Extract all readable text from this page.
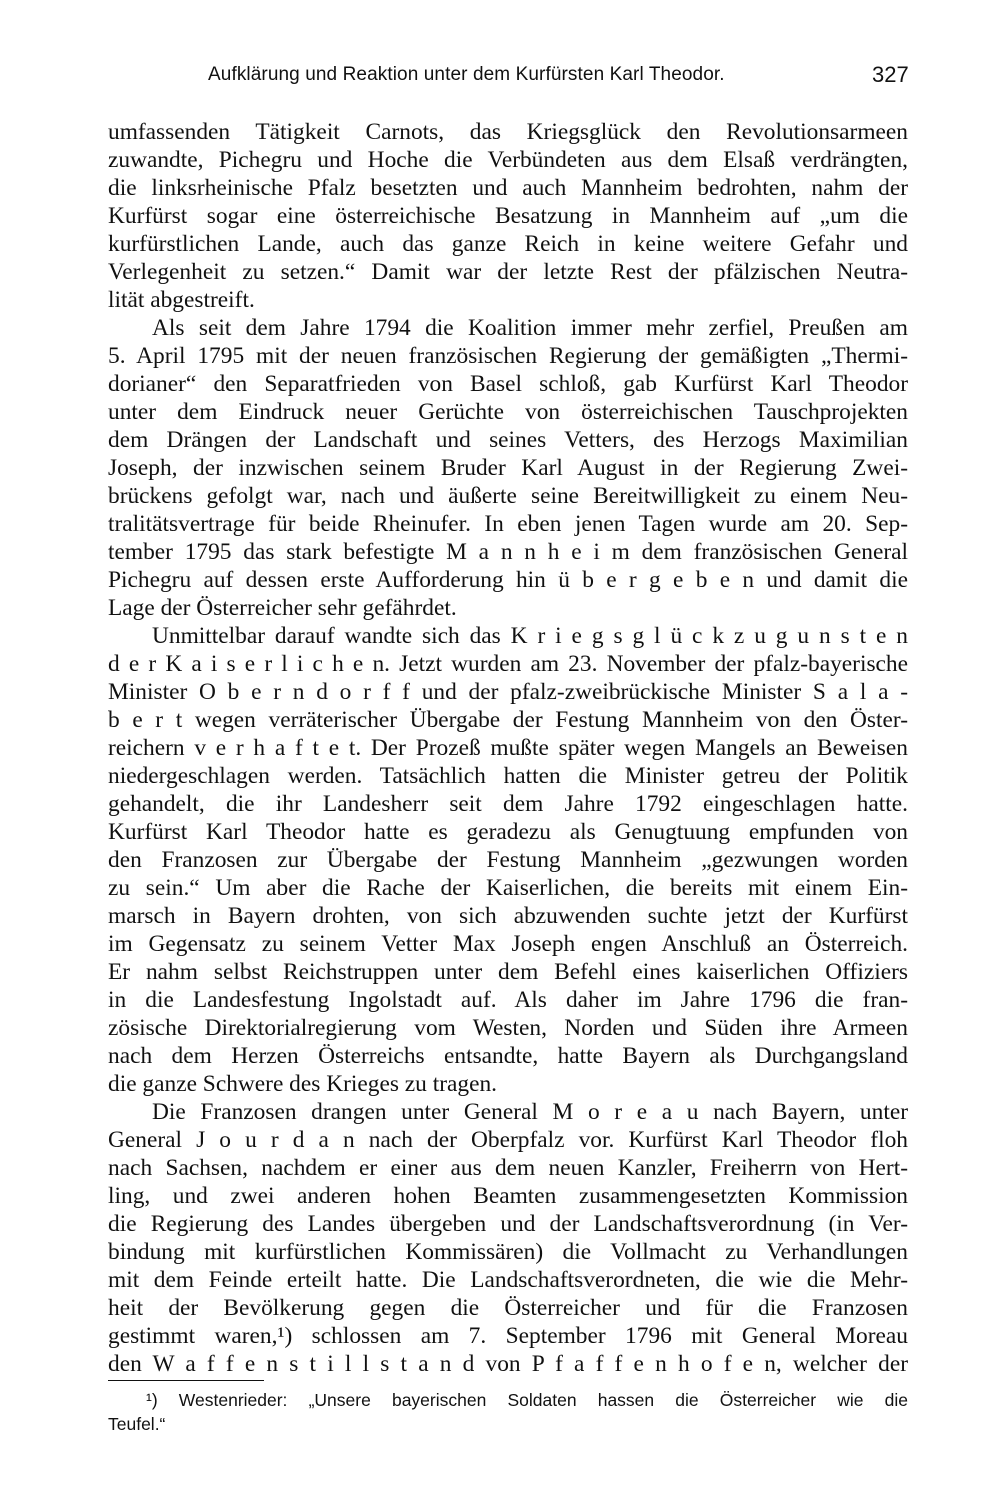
Aufklärung und Reaktion unter dem Kurfürsten Karl Theodor.	327
umfassenden Tätigkeit Carnots, das Kriegsglück den Revolutionsarmeen
zuwandte, Pichegru und Hoche die Verbündeten aus dem Elsaß verdrängten,
die linksrheinische Pfalz besetzten und auch Mannheim bedrohten, nahm der
Kurfürst sogar eine österreichische Besatzung in Mannheim auf „um die
kurfürstlichen Lande, auch das ganze Reich in keine weitere Gefahr und
Verlegenheit zu setzen.“ Damit war der letzte Rest der pfälzischen Neutra-
lität abgestreift.
Als seit dem Jahre 1794 die Koalition immer mehr zerfiel, Preußen am
5. April 1795 mit der neuen französischen Regierung der gemäßigten „Thermi-
dorianer“ den Separatfrieden von Basel schloß, gab Kurfürst Karl Theodor
unter dem Eindruck neuer Gerüchte von österreichischen Tauschprojekten
dem Drängen der Landschaft und seines Vetters, des Herzogs Maximilian
Joseph, der inzwischen seinem Bruder Karl August in der Regierung Zwei-
brückens gefolgt war, nach und äußerte seine Bereitwilligkeit zu einem Neu-
tralitätsvertrage für beide Rheinufer. In eben jenen Tagen wurde am 20. Sep-
tember 1795 das stark befestigte M a n n h e i m dem französischen General
Pichegru auf dessen erste Aufforderung hin ü b e r g e b e n und damit die
Lage der Österreicher sehr gefährdet.
Unmittelbar darauf wandte sich das K r i e g s g l ü c k z u g u n s t e n
d e r K a i s e r l i c h e n. Jetzt wurden am 23. November der pfalz-bayerische
Minister O b e r n d o r f f und der pfalz-zweibrückische Minister S a l a -
b e r t wegen verräterischer Übergabe der Festung Mannheim von den Öster-
reichern v e r h a f t e t. Der Prozeß mußte später wegen Mangels an Beweisen
niedergeschlagen werden. Tatsächlich hatten die Minister getreu der Politik
gehandelt, die ihr Landesherr seit dem Jahre 1792 eingeschlagen hatte.
Kurfürst Karl Theodor hatte es geradezu als Genugtuung empfunden von
den Franzosen zur Übergabe der Festung Mannheim „gezwungen worden
zu sein.“ Um aber die Rache der Kaiserlichen, die bereits mit einem Ein-
marsch in Bayern drohten, von sich abzuwenden suchte jetzt der Kurfürst
im Gegensatz zu seinem Vetter Max Joseph engen Anschluß an Österreich.
Er nahm selbst Reichstruppen unter dem Befehl eines kaiserlichen Offiziers
in die Landesfestung Ingolstadt auf. Als daher im Jahre 1796 die fran-
zösische Direktorialregierung vom Westen, Norden und Süden ihre Armeen
nach dem Herzen Österreichs entsandte, hatte Bayern als Durchgangsland
die ganze Schwere des Krieges zu tragen.
Die Franzosen drangen unter General M o r e a u nach Bayern, unter
General J o u r d a n nach der Oberpfalz vor. Kurfürst Karl Theodor floh
nach Sachsen, nachdem er einer aus dem neuen Kanzler, Freiherrn von Hert-
ling, und zwei anderen hohen Beamten zusammengesetzten Kommission
die Regierung des Landes übergeben und der Landschaftsverordnung (in Ver-
bindung mit kurfürstlichen Kommissären) die Vollmacht zu Verhandlungen
mit dem Feinde erteilt hatte. Die Landschaftsverordneten, die wie die Mehr-
heit der Bevölkerung gegen die Österreicher und für die Franzosen
gestimmt waren,¹) schlossen am 7. September 1796 mit General Moreau
den W a f f e n s t i l l s t a n d von P f a f f e n h o f e n, welcher der
¹) Westenrieder: „Unsere bayerischen Soldaten hassen die Österreicher wie die
Teufel.“
